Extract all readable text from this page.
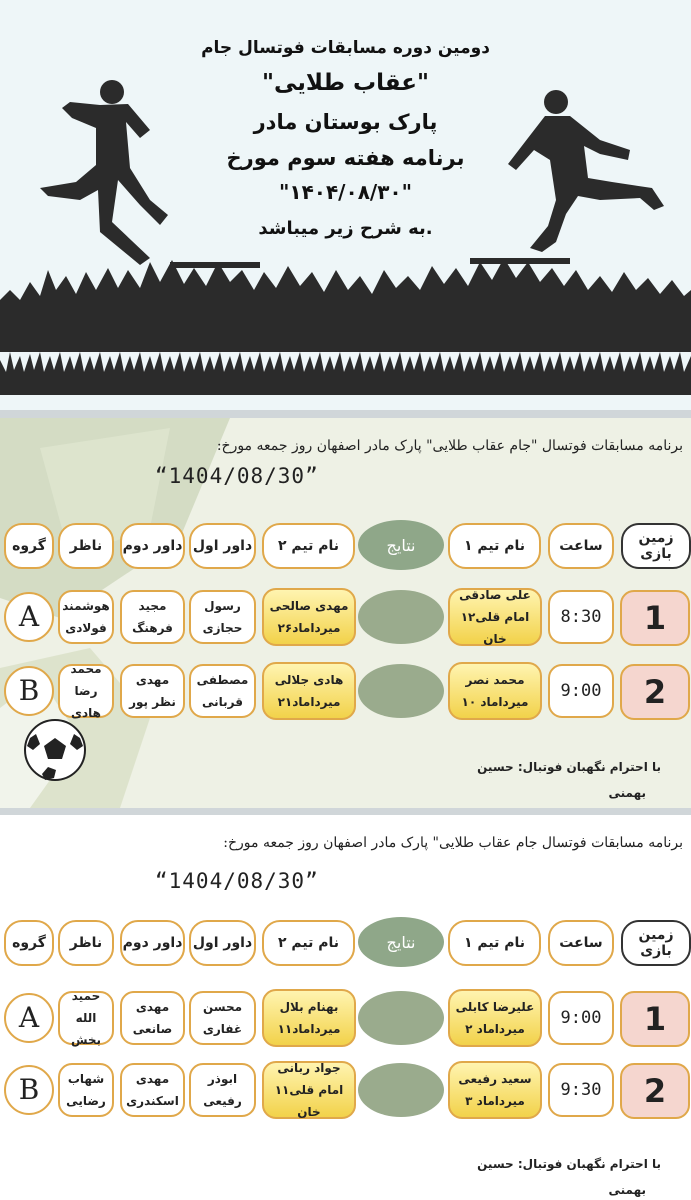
دومین دوره مسابقات فوتسال جام
"عقاب طلایی"
پارک بوستان مادر
برنامه هفته سوم مورخ
"۱۴۰۴/۰۸/۳۰"
به شرح زیر میباشد.
برنامه مسابقات فوتسال "جام عقاب طلایی" پارک مادر اصفهان روز جمعه مورخ:
“1404/08/30”
زمین بازی
ساعت
نام تیم ۱
نتایج
نام تیم ۲
داور اول
داور دوم
ناظر
گروه
1
8:30
علی صادقی
۱۲امام قلی خان
مهدی صالحی
۲۶میرداماد
رسول
حجازی
مجید
فرهنگ
هوشمند
فولادی
A
2
9:00
محمد نصر
۱۰ میرداماد
هادی جلالی
۲۱میرداماد
مصطفی
قربانی
مهدی
نظر پور
محمد رضا
هادی
B
با احترام نگهبان فوتبال: حسین
بهمنی
برنامه مسابقات فوتسال جام عقاب طلایی" پارک مادر اصفهان روز جمعه مورخ:
“1404/08/30”
زمین بازی
ساعت
نام تیم ۱
نتایج
نام تیم ۲
داور اول
داور دوم
ناظر
گروه
1
9:00
علیرضا کابلی
میرداماد ۲
بهنام بلال
۱۱میرداماد
محسن
غفاری
مهدی
صانعی
حمید
الله بخش
A
2
9:30
سعید رفیعی
۳ میرداماد
جواد ربانی
۱۱امام قلی خان
ابوذر
رفیعی
مهدی
اسکندری
شهاب
رضایی
B
با احترام نگهبان فوتبال: حسین
بهمنی
